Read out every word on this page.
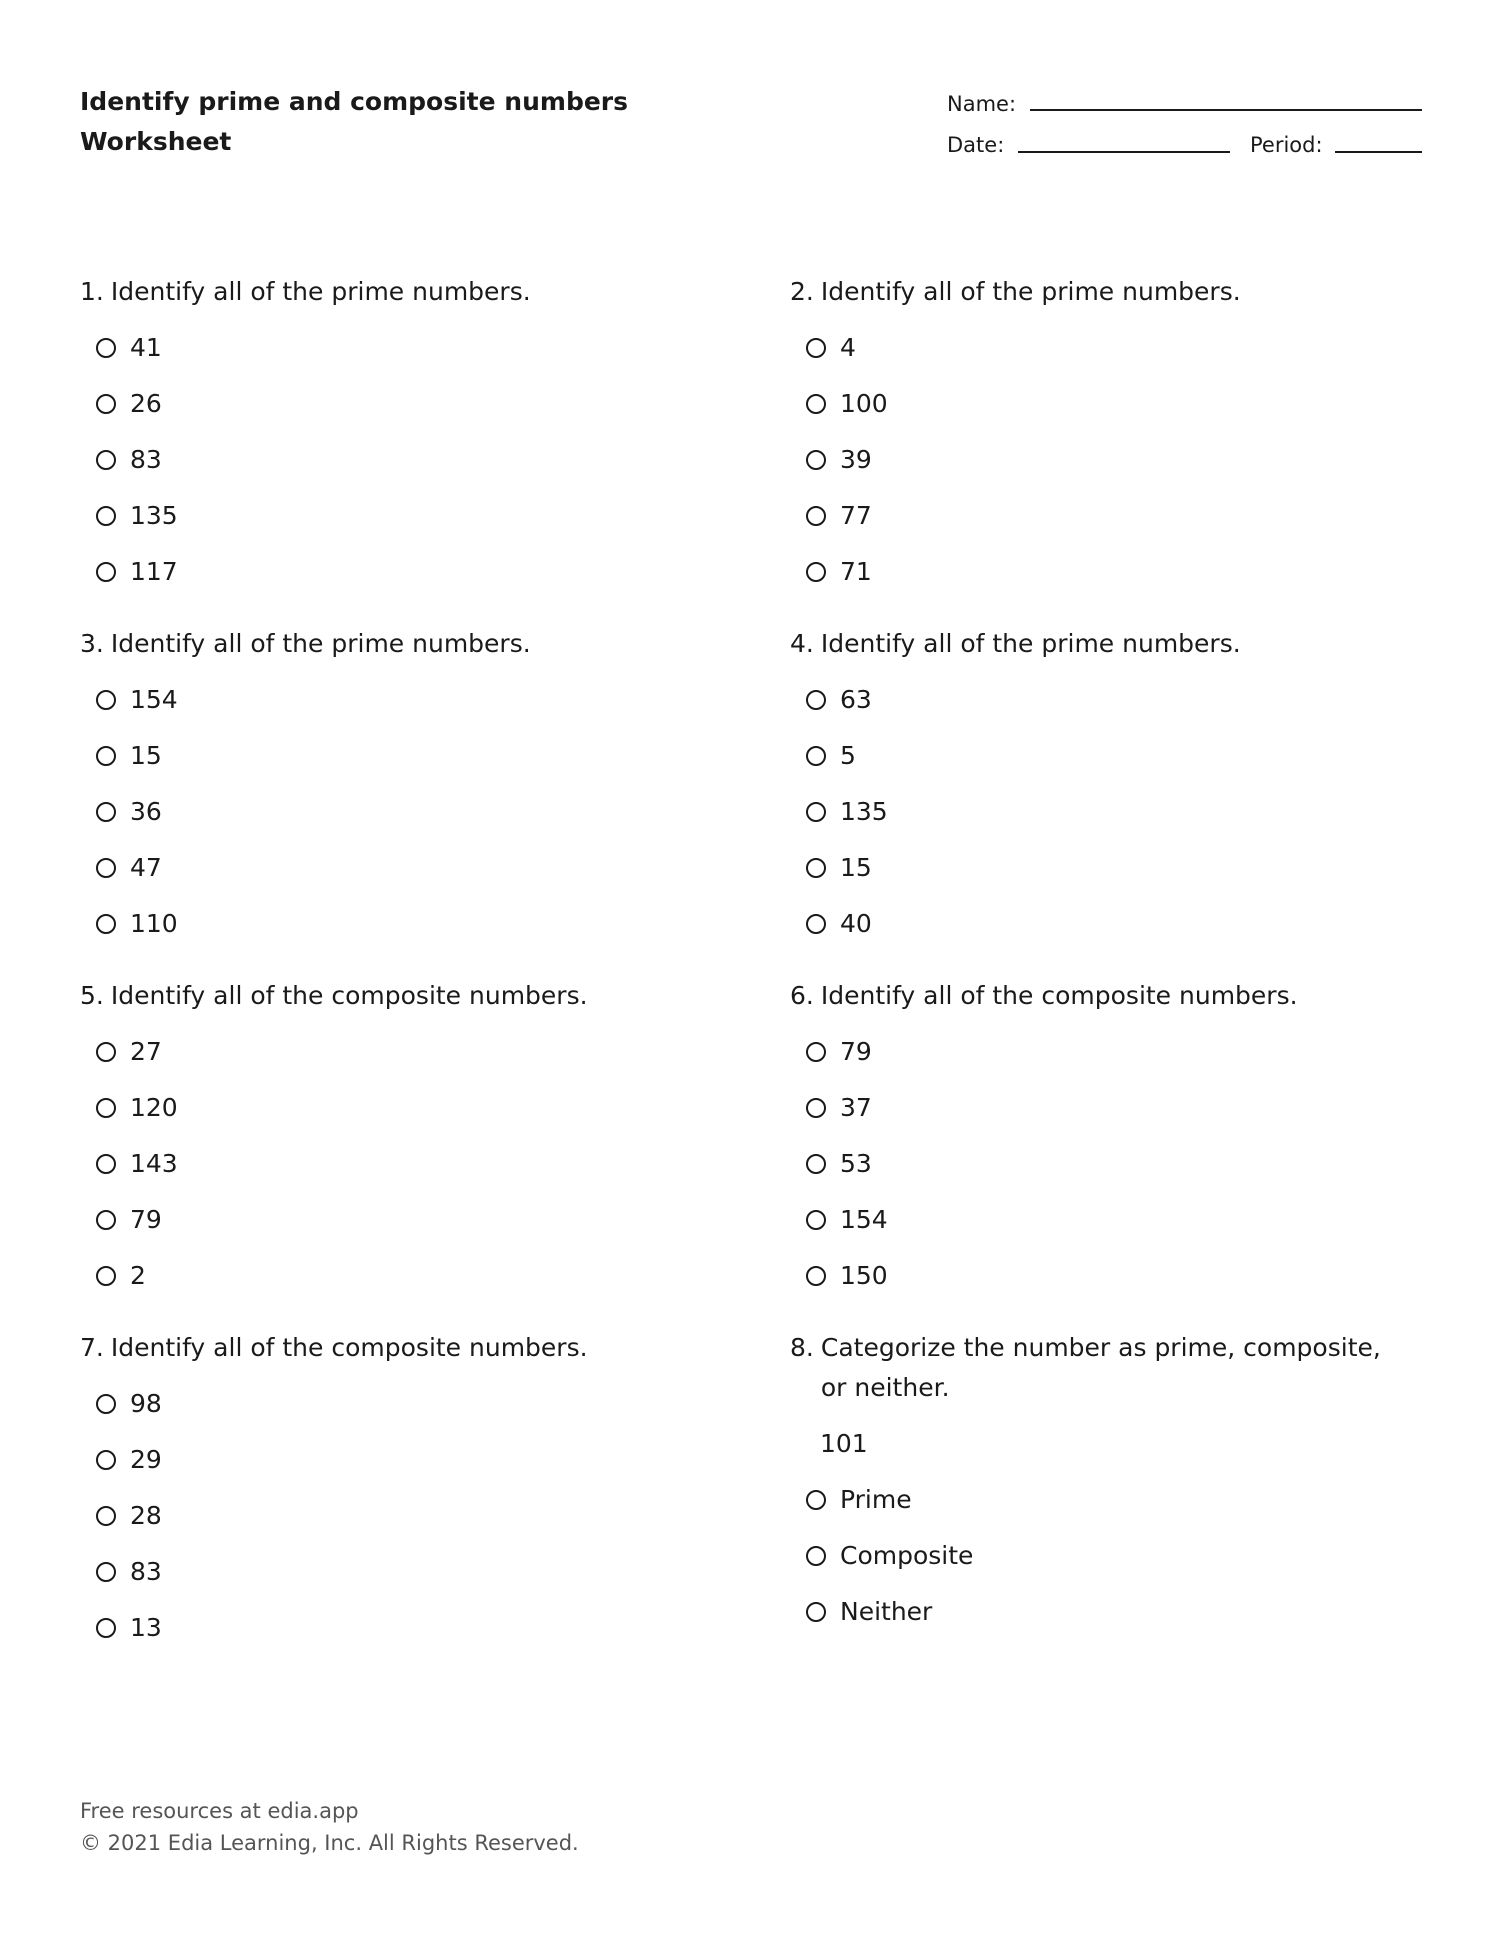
Identify prime and composite numbers
Worksheet
Name:
Date:	Period:
1. Identify all of the prime numbers.
41
26
83
135
117
2. Identify all of the prime numbers.
4
100
39
77
71
3. Identify all of the prime numbers.
154
15
36
47
110
4. Identify all of the prime numbers.
63
5
135
15
40
5. Identify all of the composite numbers.
27
120
143
79
2
6. Identify all of the composite numbers.
79
37
53
154
150
7. Identify all of the composite numbers.
98
29
28
83
13
8. Categorize the number as prime, composite, or neither.
101
Prime
Composite
Neither
Free resources at edia.app
© 2021 Edia Learning, Inc. All Rights Reserved.
